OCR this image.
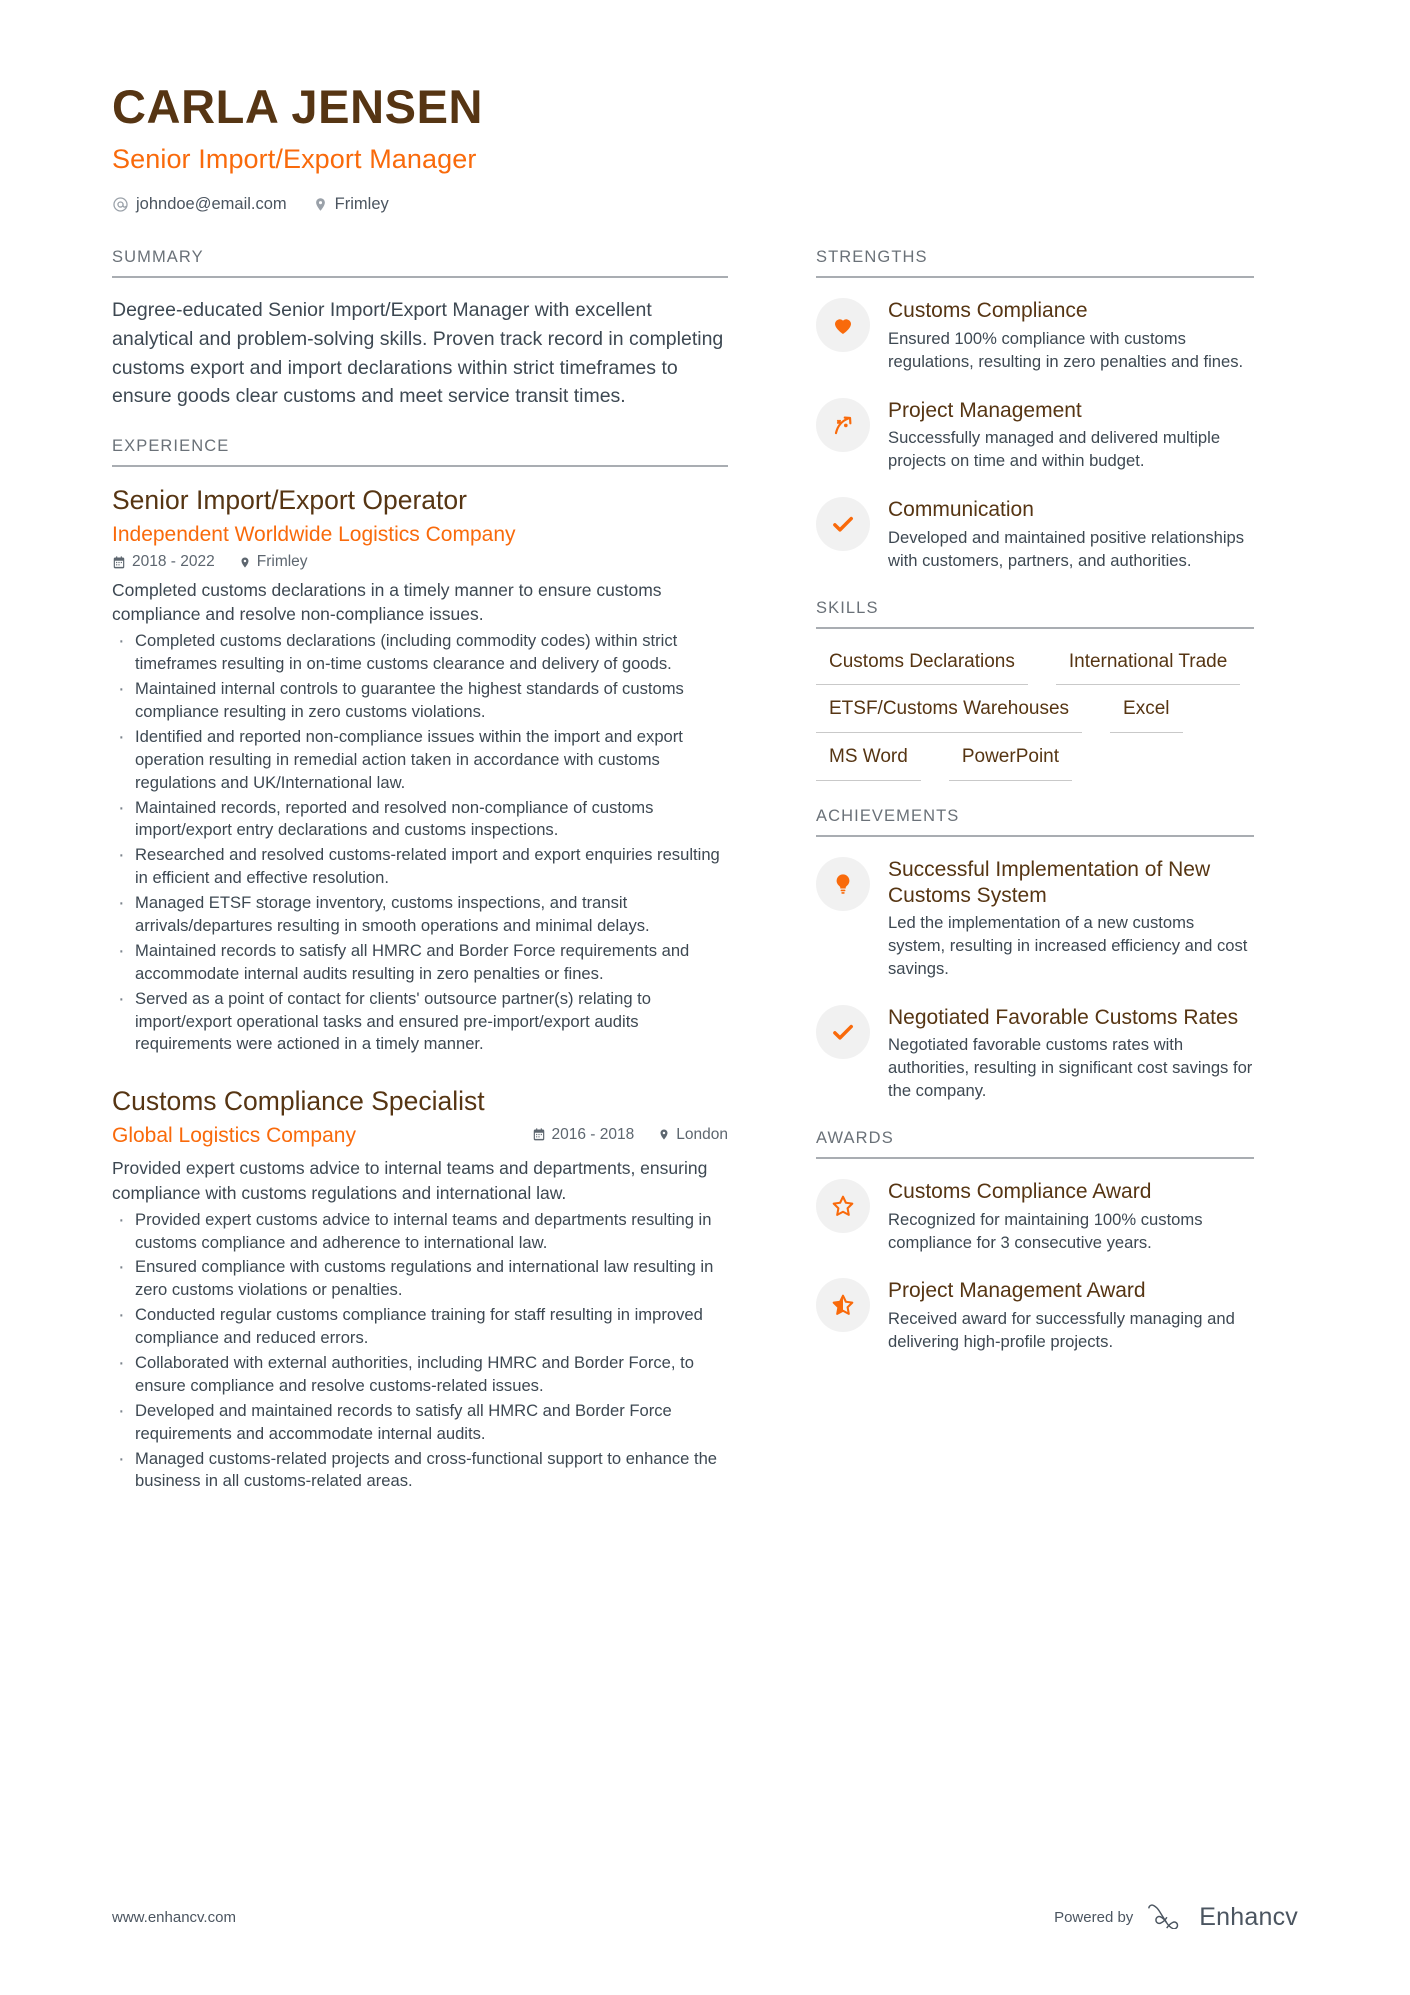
CARLA JENSEN
Senior Import/Export Manager
johndoe@email.com	Frimley
SUMMARY
Degree-educated Senior Import/Export Manager with excellent analytical and problem-solving skills. Proven track record in completing customs export and import declarations within strict timeframes to ensure goods clear customs and meet service transit times.
EXPERIENCE
Senior Import/Export Operator
Independent Worldwide Logistics Company
2018 - 2022	Frimley
Completed customs declarations in a timely manner to ensure customs compliance and resolve non-compliance issues.
· Completed customs declarations (including commodity codes) within strict timeframes resulting in on-time customs clearance and delivery of goods.
· Maintained internal controls to guarantee the highest standards of customs compliance resulting in zero customs violations.
· Identified and reported non-compliance issues within the import and export operation resulting in remedial action taken in accordance with customs regulations and UK/International law.
· Maintained records, reported and resolved non-compliance of customs import/export entry declarations and customs inspections.
· Researched and resolved customs-related import and export enquiries resulting in efficient and effective resolution.
· Managed ETSF storage inventory, customs inspections, and transit arrivals/departures resulting in smooth operations and minimal delays.
· Maintained records to satisfy all HMRC and Border Force requirements and accommodate internal audits resulting in zero penalties or fines.
· Served as a point of contact for clients' outsource partner(s) relating to import/export operational tasks and ensured pre-import/export audits requirements were actioned in a timely manner.
Customs Compliance Specialist
Global Logistics Company	2016 - 2018	London
Provided expert customs advice to internal teams and departments, ensuring compliance with customs regulations and international law.
· Provided expert customs advice to internal teams and departments resulting in customs compliance and adherence to international law.
· Ensured compliance with customs regulations and international law resulting in zero customs violations or penalties.
· Conducted regular customs compliance training for staff resulting in improved compliance and reduced errors.
· Collaborated with external authorities, including HMRC and Border Force, to ensure compliance and resolve customs-related issues.
· Developed and maintained records to satisfy all HMRC and Border Force requirements and accommodate internal audits.
· Managed customs-related projects and cross-functional support to enhance the business in all customs-related areas.
STRENGTHS
Customs Compliance
Ensured 100% compliance with customs regulations, resulting in zero penalties and fines.
Project Management
Successfully managed and delivered multiple projects on time and within budget.
Communication
Developed and maintained positive relationships with customers, partners, and authorities.
SKILLS
Customs Declarations	International Trade
ETSF/Customs Warehouses	Excel
MS Word	PowerPoint
ACHIEVEMENTS
Successful Implementation of New Customs System
Led the implementation of a new customs system, resulting in increased efficiency and cost savings.
Negotiated Favorable Customs Rates
Negotiated favorable customs rates with authorities, resulting in significant cost savings for the company.
AWARDS
Customs Compliance Award
Recognized for maintaining 100% customs compliance for 3 consecutive years.
Project Management Award
Received award for successfully managing and delivering high-profile projects.
www.enhancv.com	Powered by	Enhancv
